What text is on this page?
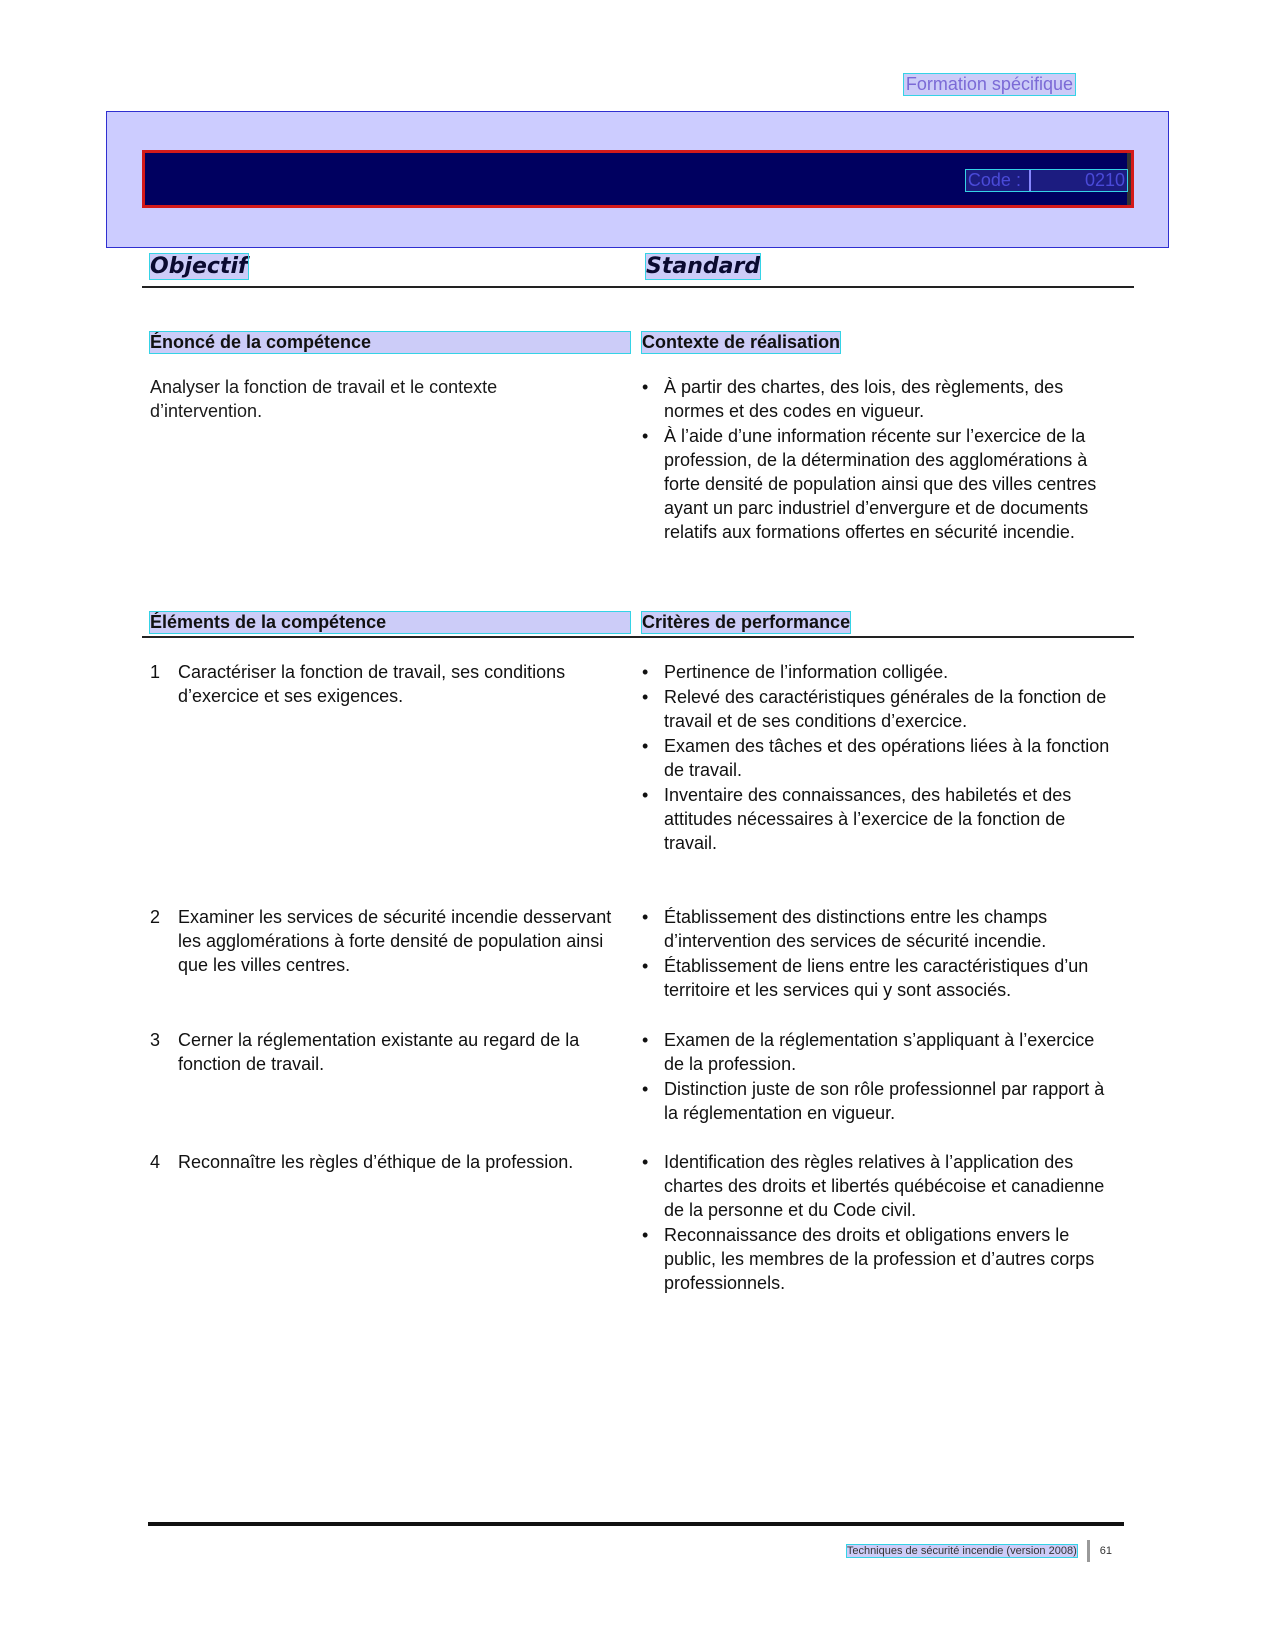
Formation spécifique
Code :	0210
Objectif	Standard
Énoncé de la compétence	Contexte de réalisation
Analyser la fonction de travail et le contexte d’intervention.
• À partir des chartes, des lois, des règlements, des normes et des codes en vigueur.
• À l’aide d’une information récente sur l’exercice de la profession, de la détermination des agglomérations à forte densité de population ainsi que des villes centres ayant un parc industriel d’envergure et de documents relatifs aux formations offertes en sécurité incendie.
Éléments de la compétence	Critères de performance
1 Caractériser la fonction de travail, ses conditions d’exercice et ses exigences.
• Pertinence de l’information colligée.
• Relevé des caractéristiques générales de la fonction de travail et de ses conditions d’exercice.
• Examen des tâches et des opérations liées à la fonction de travail.
• Inventaire des connaissances, des habiletés et des attitudes nécessaires à l’exercice de la fonction de travail.
2 Examiner les services de sécurité incendie desservant les agglomérations à forte densité de population ainsi que les villes centres.
• Établissement des distinctions entre les champs d’intervention des services de sécurité incendie.
• Établissement de liens entre les caractéristiques d’un territoire et les services qui y sont associés.
3 Cerner la réglementation existante au regard de la fonction de travail.
• Examen de la réglementation s’appliquant à l’exercice de la profession.
• Distinction juste de son rôle professionnel par rapport à la réglementation en vigueur.
4 Reconnaître les règles d’éthique de la profession.
•	Identification des règles relatives à l’application des chartes des droits et libertés québécoise et canadienne de la personne et du Code civil.
• Reconnaissance des droits et obligations envers le public, les membres de la profession et d’autres corps professionnels.
Techniques de sécurité incendie (version 2008) 61
